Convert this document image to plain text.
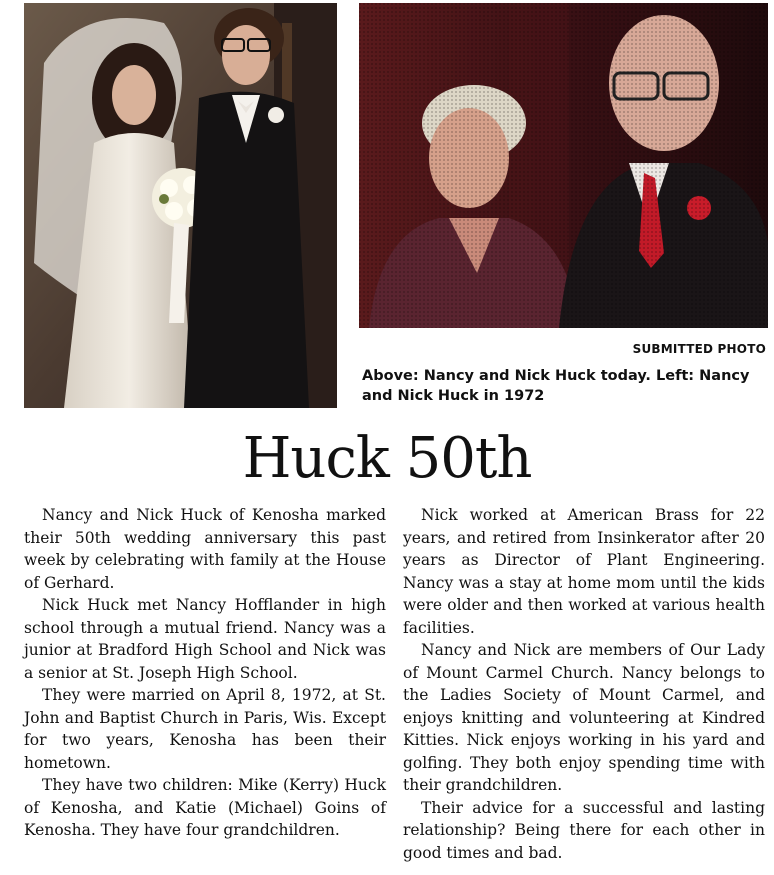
SUBMITTED PHOTO
Above: Nancy and Nick Huck today. Left: Nancy and Nick Huck in 1972
Huck 50th

Nancy and Nick Huck of Kenosha marked their 50th wedding anniversary this past week by celebrating with family at the House of Gerhard.

Nick Huck met Nancy Hofflander in high school through a mutual friend. Nancy was a junior at Bradford High School and Nick was a senior at St. Joseph High School.

They were married on April 8, 1972, at St. John and Baptist Church in Paris, Wis. Except for two years, Kenosha has been their hometown.

They have two children: Mike (Kerry) Huck of Kenosha, and Katie (Michael) Goins of Kenosha. They have four grandchildren.

Nick worked at American Brass for 22 years, and retired from Insinkerator after 20 years as Director of Plant Engineering. Nancy was a stay at home mom until the kids were older and then worked at various health facilities.

Nancy and Nick are members of Our Lady of Mount Carmel Church. Nancy belongs to the Ladies Society of Mount Carmel, and enjoys knitting and volunteering at Kindred Kitties. Nick enjoys working in his yard and golfing. They both enjoy spending time with their grandchildren.

Their advice for a successful and lasting relationship? Being there for each other in good times and bad.
